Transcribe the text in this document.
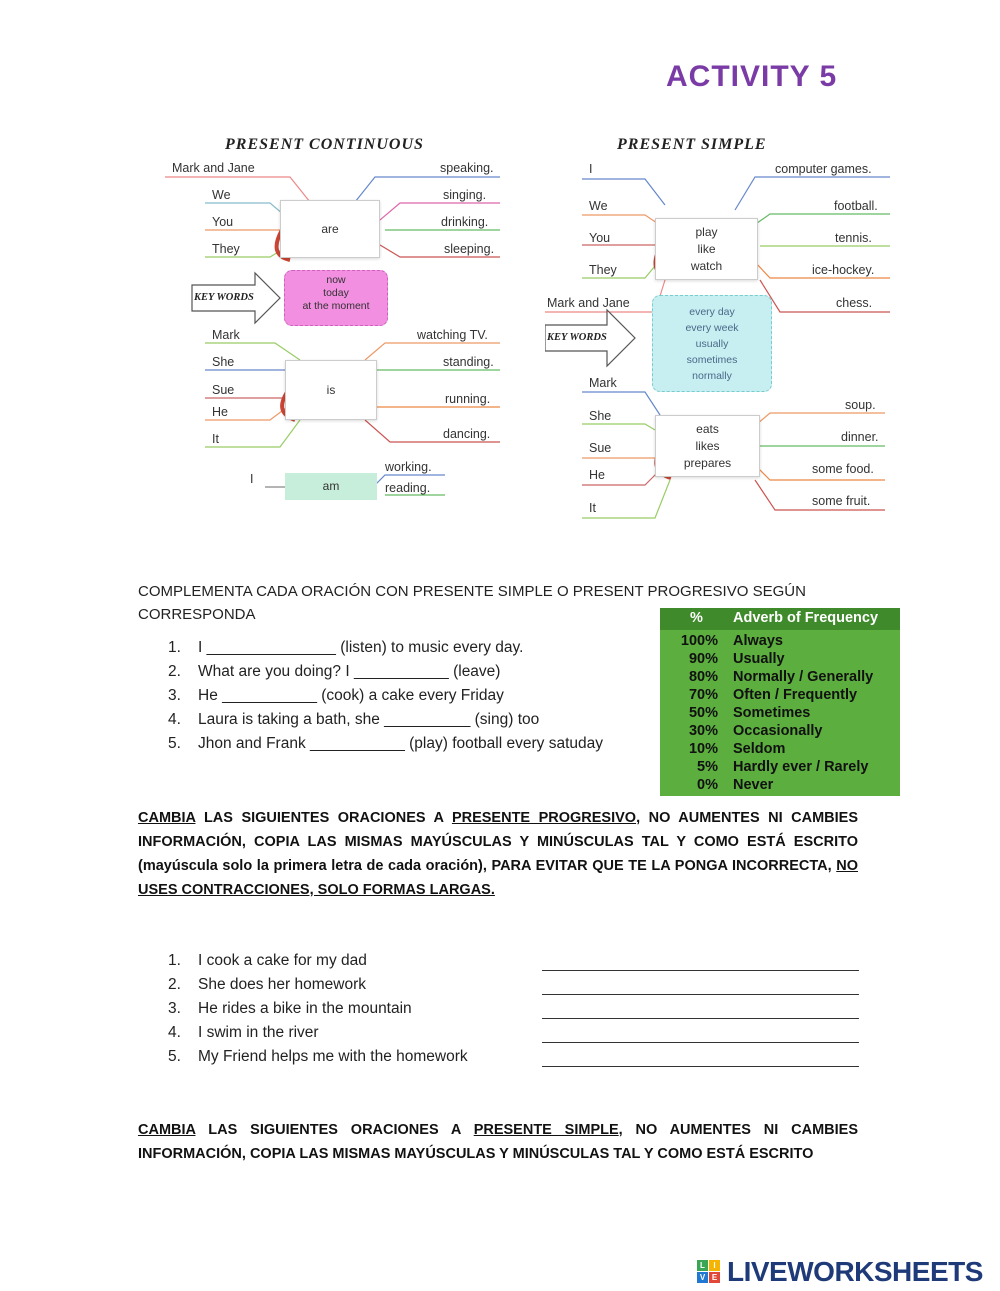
ACTIVITY 5
PRESENT CONTINUOUS
Mark and Jane
We
You
They
are
speaking.
singing.
drinking.
sleeping.
KEY WORDS
now
today
at the moment
Mark
She
Sue
He
It
is
watching TV.
standing.
running.
dancing.
I	am
working.
reading.
PRESENT SIMPLE
I
We
You
They
Mark and Jane
play
like
watch
computer games.
football.
tennis.
ice-hockey.
chess.
KEY WORDS
every day
every week
usually
sometimes
normally
Mark
She
Sue
He
It
eats
likes
prepares
soup.
dinner.
some food.
some fruit.
COMPLEMENTA CADA ORACIÓN CON PRESENTE SIMPLE O PRESENT PROGRESIVO SEGÚN CORRESPONDA
1. I _______________ (listen) to music every day.
2. What are you doing? I ___________ (leave)
3. He ___________ (cook) a cake every Friday
4. Laura is taking a bath, she __________ (sing) too
5. Jhon and Frank ___________ (play) football every satuday
% Adverb of Frequency
100% Always
90% Usually
80% Normally / Generally
70% Often / Frequently
50% Sometimes
30% Occasionally
10% Seldom
5% Hardly ever / Rarely
0% Never
CAMBIA LAS SIGUIENTES ORACIONES A PRESENTE PROGRESIVO, NO AUMENTES NI CAMBIES INFORMACIÓN, COPIA LAS MISMAS MAYÚSCULAS Y MINÚSCULAS TAL Y COMO ESTÁ ESCRITO (mayúscula solo la primera letra de cada oración), PARA EVITAR QUE TE LA PONGA INCORRECTA, NO USES CONTRACCIONES, SOLO FORMAS LARGAS.
1. I cook a cake for my dad
2. She does her homework
3. He rides a bike in the mountain
4. I swim in the river
5. My Friend helps me with the homework
CAMBIA LAS SIGUIENTES ORACIONES A PRESENTE SIMPLE, NO AUMENTES NI CAMBIES INFORMACIÓN, COPIA LAS MISMAS MAYÚSCULAS Y MINÚSCULAS TAL Y COMO ESTÁ ESCRITO
L	I
V E LIVEWORKSHEETS
